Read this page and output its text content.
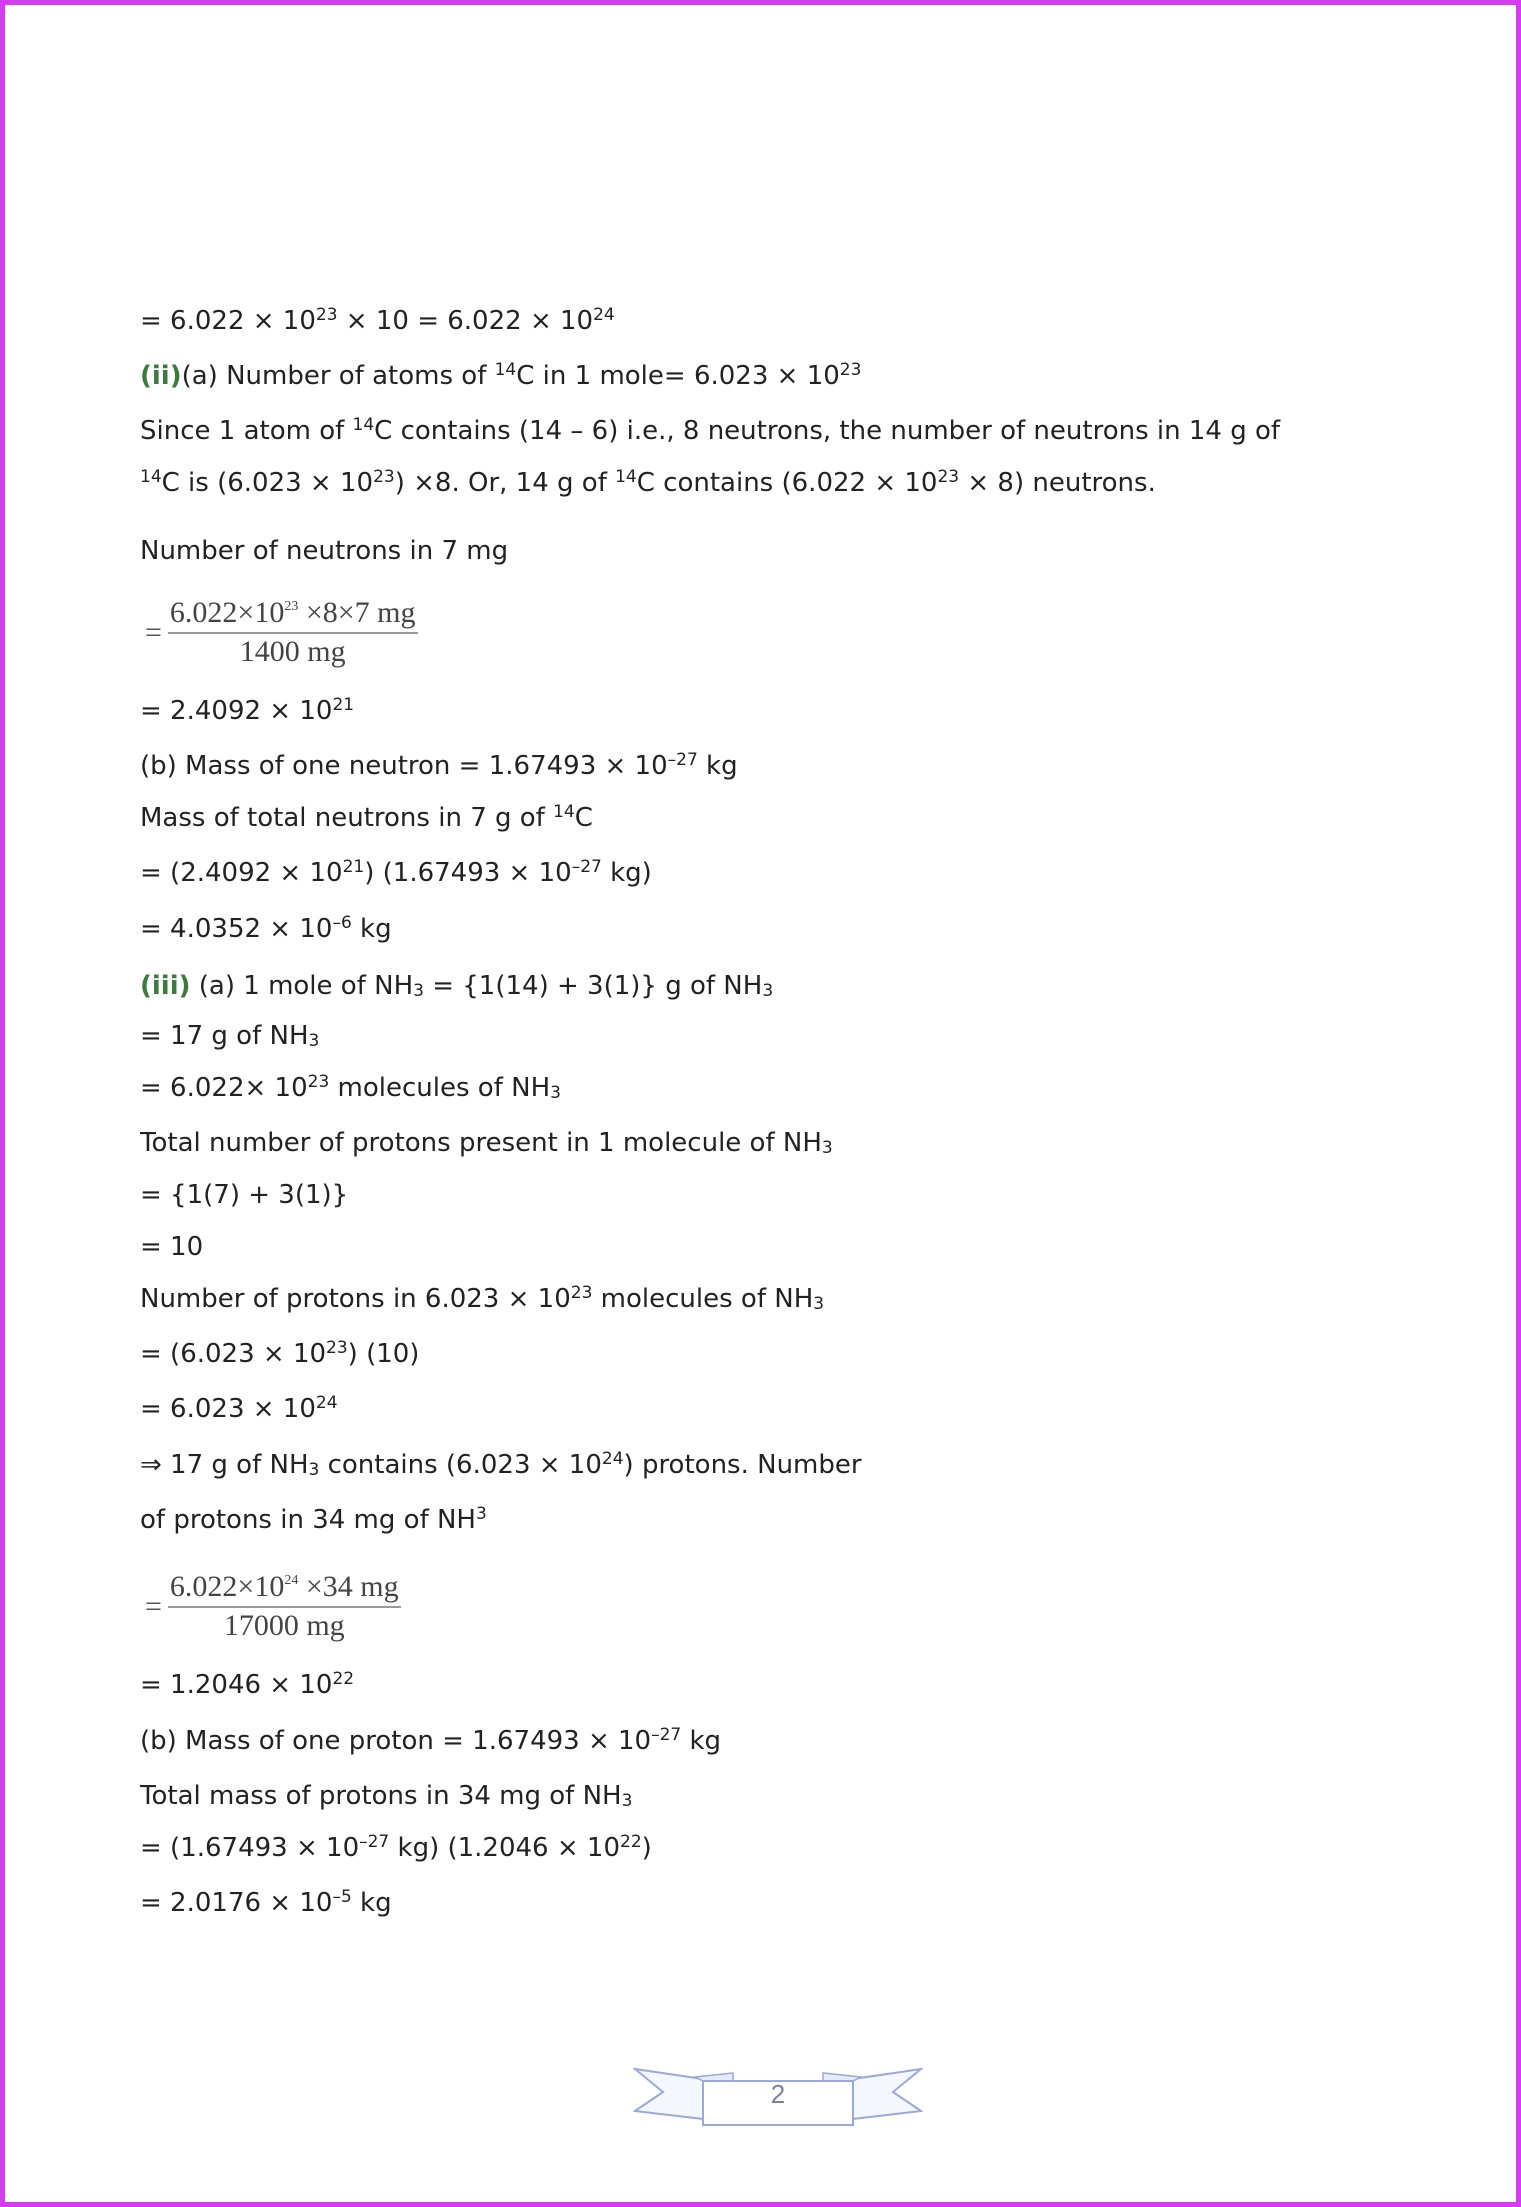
= $6.022 \times 10^{23} \times 10 = 6.022 \times 10^{24}$
(ii)(a) Number of atoms of $^{14}$C in 1 mole= $6.023 \times 10^{23}$
Since 1 atom of $^{14}$C contains (14 – 6) i.e., 8 neutrons, the number of neutrons in 14 g of
$^{14}$C is $(6.023 \times 10^{23}) \times 8$. Or, 14 g of $^{14}$C contains $(6.022 \times 10^{23} \times 8)$ neutrons.
Number of neutrons in 7 mg
= $\frac{6.022\times 10^{23} \times 8\times 7 mg}{1400 mg}$
= $2.4092 \times 10^{21}$
(b) Mass of one neutron = $1.67493 \times 10^{-27}$ kg
Mass of total neutrons in 7 g of $^{14}$C
= $(2.4092 \times 10^{21})$ ($1.67493 \times 10^{-27}$ kg)
= $4.0352 \times 10^{-6}$ kg
(iii) (a) 1 mole of $NH_3 = \{1(14) + 3(1)\}$ g of $NH_3$
= 17 g of $NH_3$
= $6.022\times 10^{23}$ molecules of $NH_3$
Total number of protons present in 1 molecule of $NH_3$
= {1(7) + 3(1)}
= 10
Number of protons in $6.023 \times 10^{23}$ molecules of $NH_3$
= $(6.023 \times 10^{23})$ (10)
= $6.023 \times 10^{24}$
⇒ 17 g of $NH_3$ contains $(6.023 \times 10^{24})$ protons. Number
of protons in 34 mg of $NH^3$
= $\frac{6.022\times 10^{24} \times 34 mg}{17000 mg}$
= $1.2046 \times 10^{22}$
(b) Mass of one proton = $1.67493 \times 10^{-27}$ kg
Total mass of protons in 34 mg of $NH_3$
= ($1.67493 \times 10^{-27}$ kg) $(1.2046 \times 10^{22})$
= $2.0176 \times 10^{-5}$ kg
2
